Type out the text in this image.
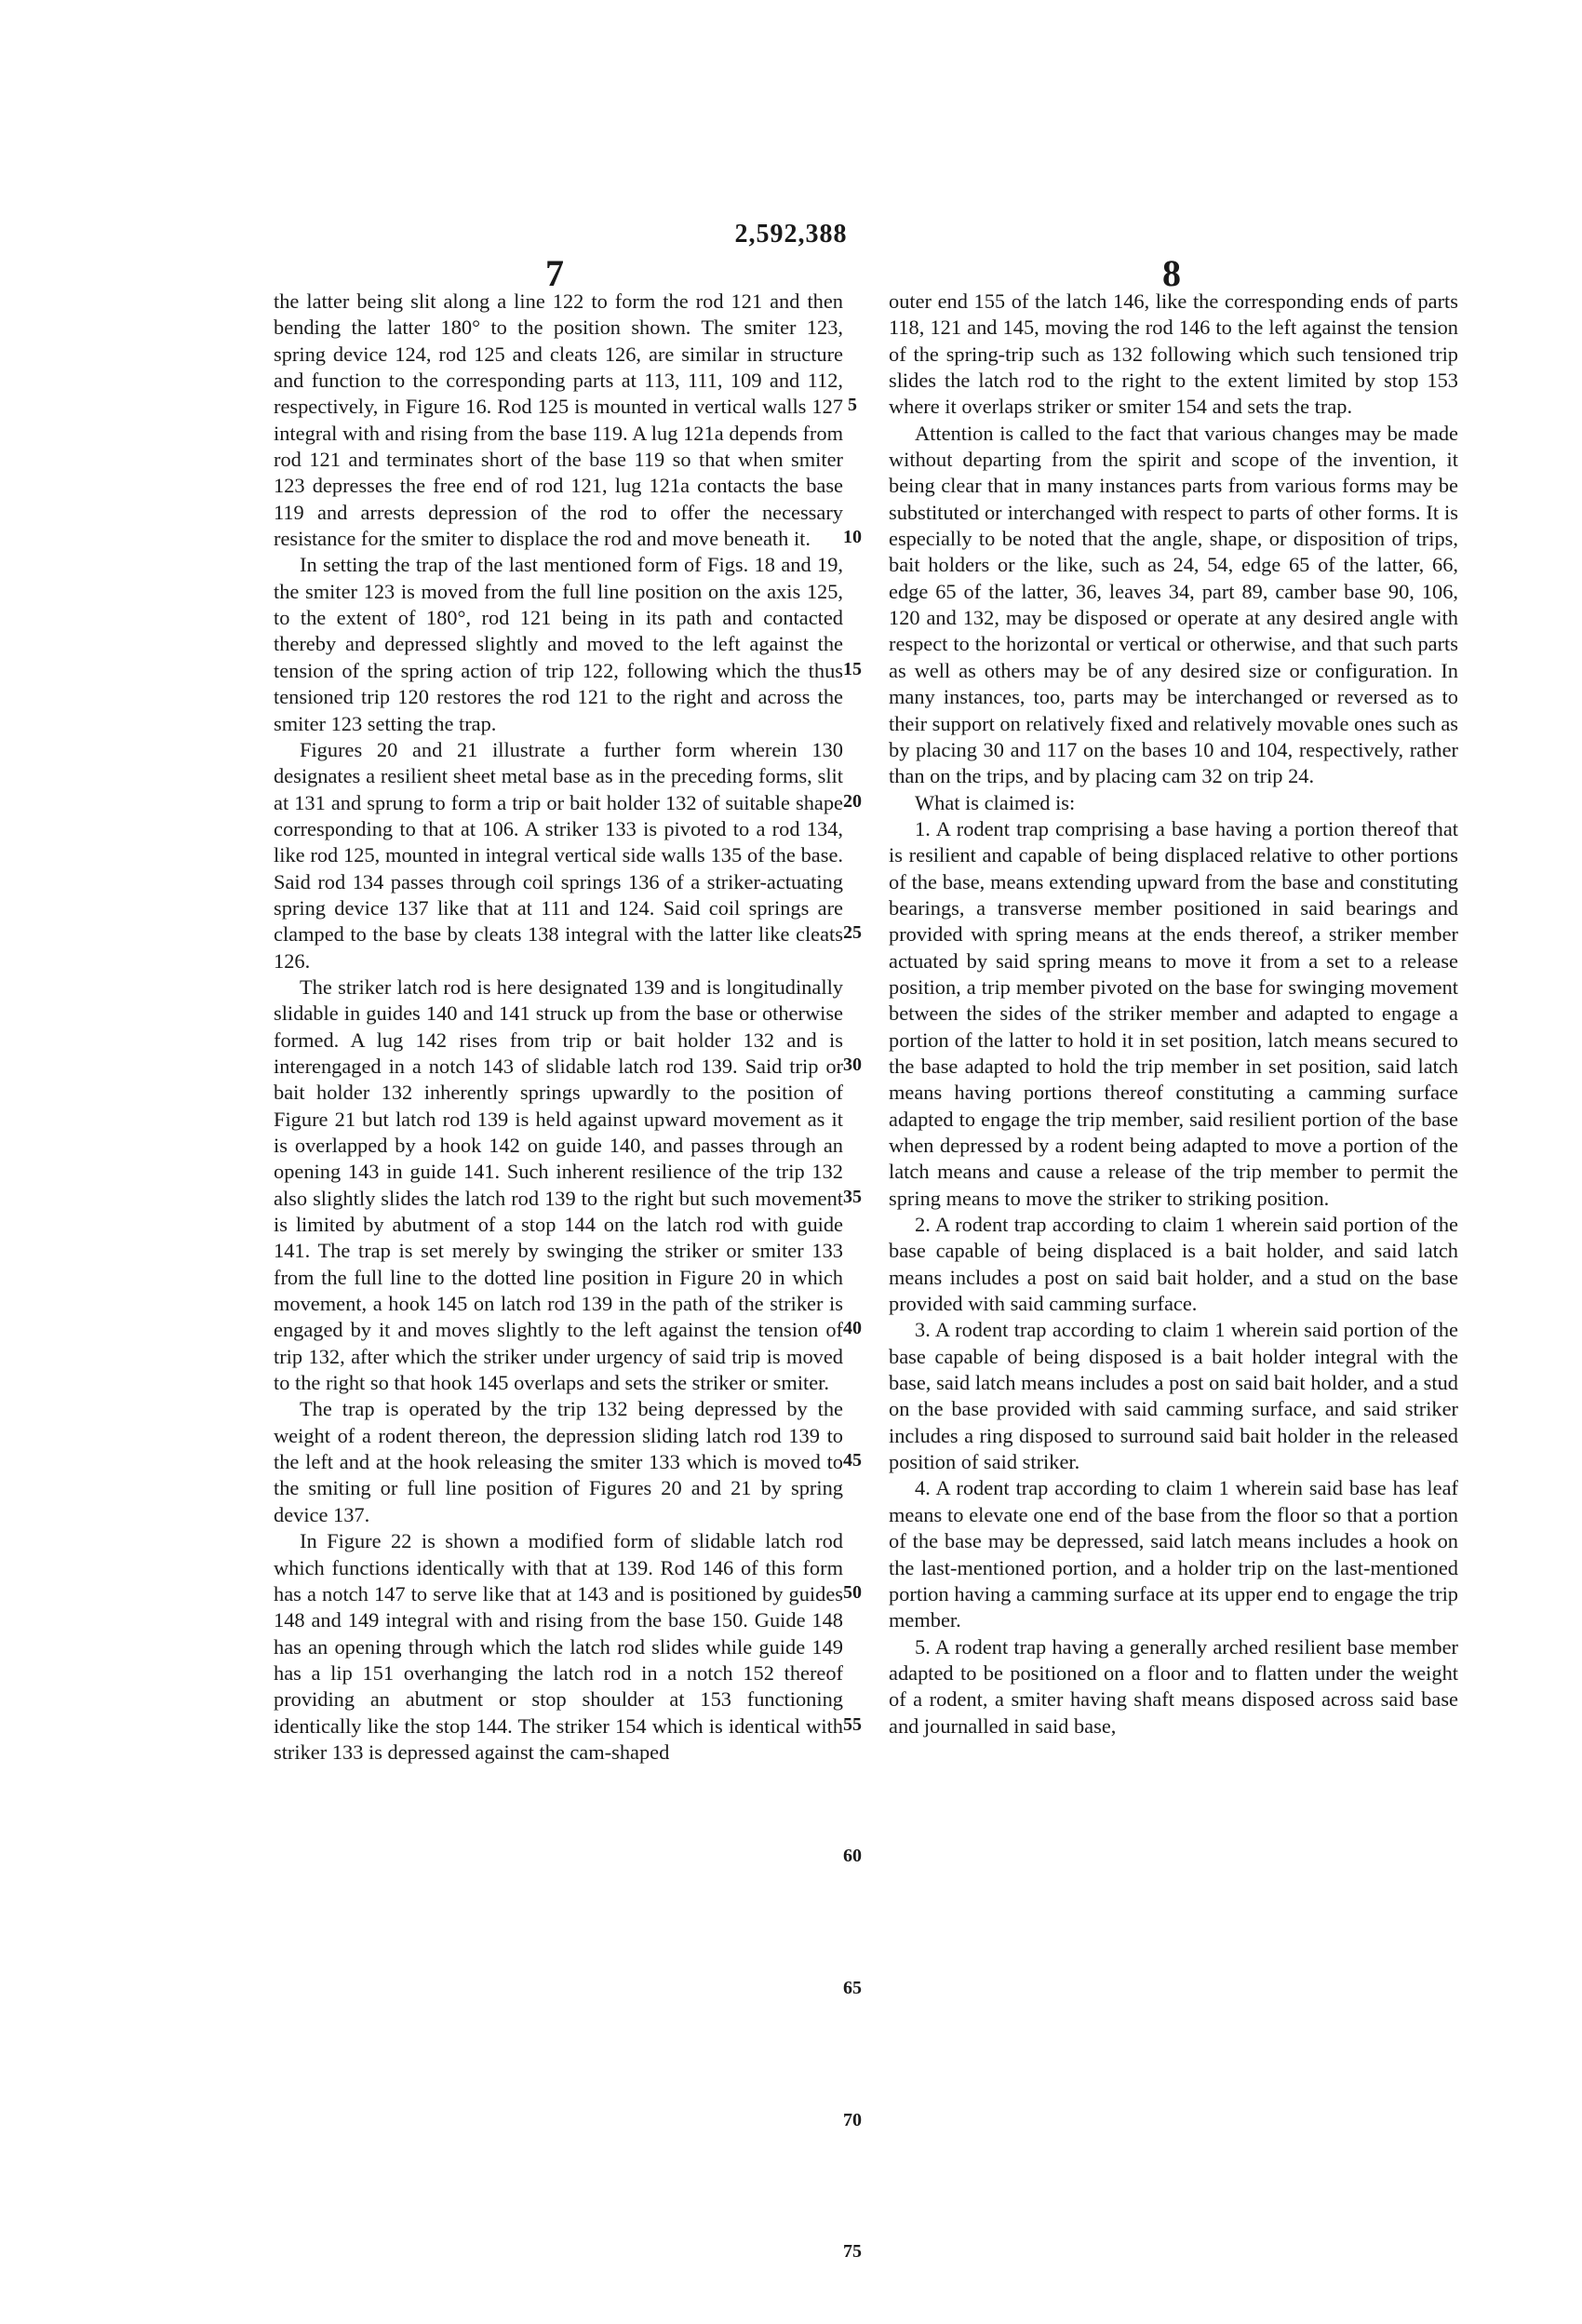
2,592,388
7	8

the latter being slit along a line 122 to form the rod 121 and then bending the latter 180° to the position shown. The smiter 123, spring device 124, rod 125 and cleats 126, are similar in structure and function to the corresponding parts at 113, 111, 109 and 112, respectively, in Figure 16. Rod 125 is mounted in vertical walls 127 integral with and rising from the base 119. A lug 121a depends from rod 121 and terminates short of the base 119 so that when smiter 123 depresses the free end of rod 121, lug 121a contacts the base 119 and arrests depression of the rod to offer the necessary resistance for the smiter to displace the rod and move beneath it.

In setting the trap of the last mentioned form of Figs. 18 and 19, the smiter 123 is moved from the full line position on the axis 125, to the extent of 180°, rod 121 being in its path and contacted thereby and depressed slightly and moved to the left against the tension of the spring action of trip 122, following which the thus tensioned trip 120 restores the rod 121 to the right and across the smiter 123 setting the trap.

Figures 20 and 21 illustrate a further form wherein 130 designates a resilient sheet metal base as in the preceding forms, slit at 131 and sprung to form a trip or bait holder 132 of suitable shape corresponding to that at 106. A striker 133 is pivoted to a rod 134, like rod 125, mounted in integral vertical side walls 135 of the base. Said rod 134 passes through coil springs 136 of a striker-actuating spring device 137 like that at 111 and 124. Said coil springs are clamped to the base by cleats 138 integral with the latter like cleats 126.

The striker latch rod is here designated 139 and is longitudinally slidable in guides 140 and 141 struck up from the base or otherwise formed. A lug 142 rises from trip or bait holder 132 and is interengaged in a notch 143 of slidable latch rod 139. Said trip or bait holder 132 inherently springs upwardly to the position of Figure 21 but latch rod 139 is held against upward movement as it is overlapped by a hook 142 on guide 140, and passes through an opening 143 in guide 141. Such inherent resilience of the trip 132 also slightly slides the latch rod 139 to the right but such movement is limited by abutment of a stop 144 on the latch rod with guide 141. The trap is set merely by swinging the striker or smiter 133 from the full line to the dotted line position in Figure 20 in which movement, a hook 145 on latch rod 139 in the path of the striker is engaged by it and moves slightly to the left against the tension of trip 132, after which the striker under urgency of said trip is moved to the right so that hook 145 overlaps and sets the striker or smiter.

The trap is operated by the trip 132 being depressed by the weight of a rodent thereon, the depression sliding latch rod 139 to the left and at the hook releasing the smiter 133 which is moved to the smiting or full line position of Figures 20 and 21 by spring device 137.

In Figure 22 is shown a modified form of slidable latch rod which functions identically with that at 139. Rod 146 of this form has a notch 147 to serve like that at 143 and is positioned by guides 148 and 149 integral with and rising from the base 150. Guide 148 has an opening through which the latch rod slides while guide 149 has a lip 151 overhanging the latch rod in a notch 152 thereof providing an abutment or stop shoulder at 153 functioning identically like the stop 144. The striker 154 which is identical with striker 133 is depressed against the cam-shaped

5
10
15
20
25
30
35
40
45
50
55
60
65
70
75

outer end 155 of the latch 146, like the corresponding ends of parts 118, 121 and 145, moving the rod 146 to the left against the tension of the spring-trip such as 132 following which such tensioned trip slides the latch rod to the right to the extent limited by stop 153 where it overlaps striker or smiter 154 and sets the trap.

Attention is called to the fact that various changes may be made without departing from the spirit and scope of the invention, it being clear that in many instances parts from various forms may be substituted or interchanged with respect to parts of other forms. It is especially to be noted that the angle, shape, or disposition of trips, bait holders or the like, such as 24, 54, edge 65 of the latter, 66, edge 65 of the latter, 36, leaves 34, part 89, camber base 90, 106, 120 and 132, may be disposed or operate at any desired angle with respect to the horizontal or vertical or otherwise, and that such parts as well as others may be of any desired size or configuration. In many instances, too, parts may be interchanged or reversed as to their support on relatively fixed and relatively movable ones such as by placing 30 and 117 on the bases 10 and 104, respectively, rather than on the trips, and by placing cam 32 on trip 24.

What is claimed is:

1. A rodent trap comprising a base having a portion thereof that is resilient and capable of being displaced relative to other portions of the base, means extending upward from the base and constituting bearings, a transverse member positioned in said bearings and provided with spring means at the ends thereof, a striker member actuated by said spring means to move it from a set to a release position, a trip member pivoted on the base for swinging movement between the sides of the striker member and adapted to engage a portion of the latter to hold it in set position, latch means secured to the base adapted to hold the trip member in set position, said latch means having portions thereof constituting a camming surface adapted to engage the trip member, said resilient portion of the base when depressed by a rodent being adapted to move a portion of the latch means and cause a release of the trip member to permit the spring means to move the striker to striking position.

2. A rodent trap according to claim 1 wherein said portion of the base capable of being displaced is a bait holder, and said latch means includes a post on said bait holder, and a stud on the base provided with said camming surface.

3. A rodent trap according to claim 1 wherein said portion of the base capable of being disposed is a bait holder integral with the base, said latch means includes a post on said bait holder, and a stud on the base provided with said camming surface, and said striker includes a ring disposed to surround said bait holder in the released position of said striker.

4. A rodent trap according to claim 1 wherein said base has leaf means to elevate one end of the base from the floor so that a portion of the base may be depressed, said latch means includes a hook on the last-mentioned portion, and a holder trip on the last-mentioned portion having a camming surface at its upper end to engage the trip member.

5. A rodent trap having a generally arched resilient base member adapted to be positioned on a floor and to flatten under the weight of a rodent, a smiter having shaft means disposed across said base and journalled in said base,
